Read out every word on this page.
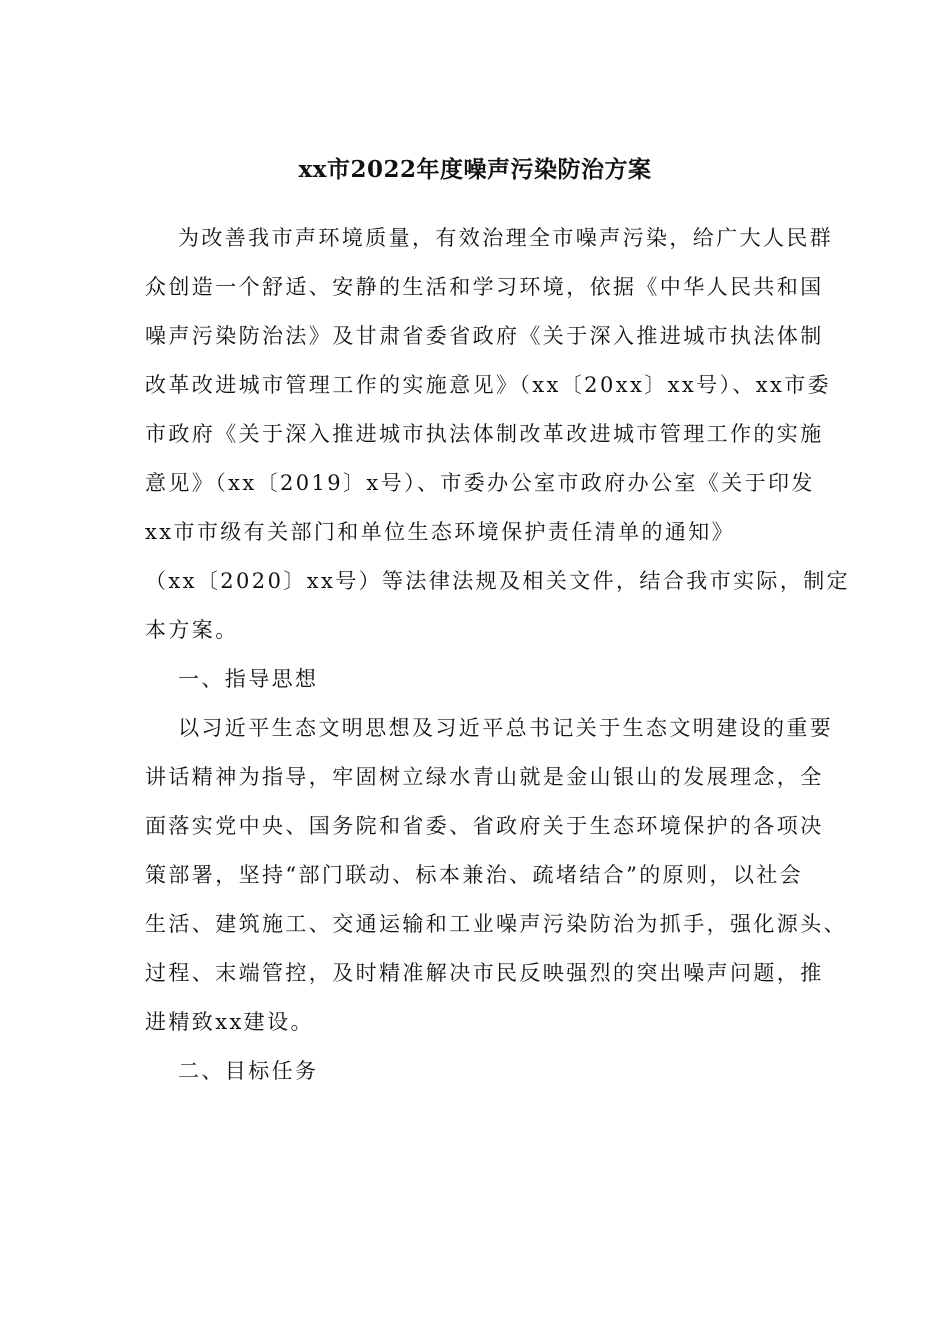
xx市2022年度噪声污染防治方案
为改善我市声环境质量，有效治理全市噪声污染，给广大人民群
众创造一个舒适、安静的生活和学习环境，依据《中华人民共和国
噪声污染防治法》及甘肃省委省政府《关于深入推进城市执法体制
改革改进城市管理工作的实施意见》（xx〔20xx〕xx号）、xx市委
市政府《关于深入推进城市执法体制改革改进城市管理工作的实施
意见》（xx〔2019〕x号）、市委办公室市政府办公室《关于印发
xx市市级有关部门和单位生态环境保护责任清单的通知》
（xx〔2020〕xx号）等法律法规及相关文件，结合我市实际，制定
本方案。
一、指导思想
以习近平生态文明思想及习近平总书记关于生态文明建设的重要
讲话精神为指导，牢固树立绿水青山就是金山银山的发展理念，全
面落实党中央、国务院和省委、省政府关于生态环境保护的各项决
策部署，坚持“部门联动、标本兼治、疏堵结合”的原则，以社会
生活、建筑施工、交通运输和工业噪声污染防治为抓手，强化源头、
过程、末端管控，及时精准解决市民反映强烈的突出噪声问题，推
进精致xx建设。
二、目标任务
